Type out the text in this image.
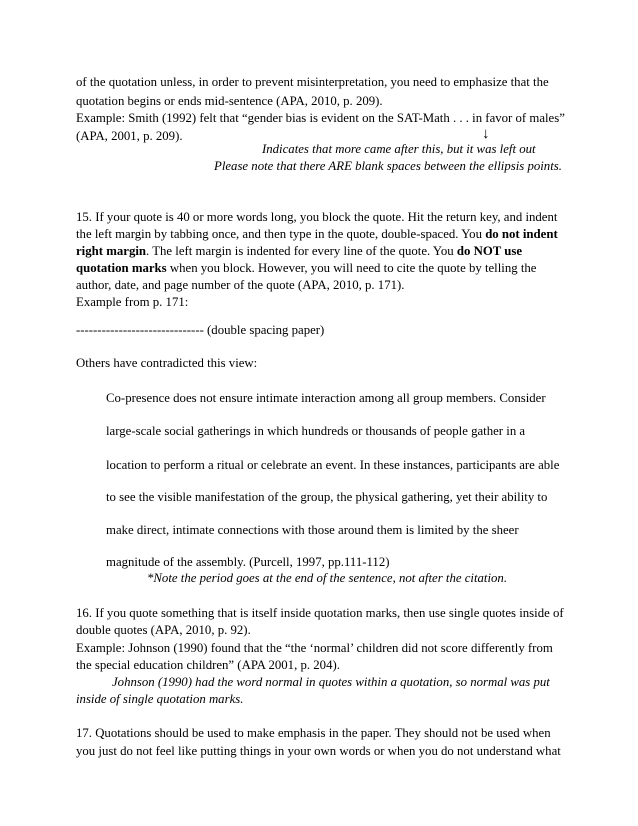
of the quotation unless, in order to prevent misinterpretation, you need to emphasize that the
quotation begins or ends mid-sentence (APA, 2010, p. 209).
Example: Smith (1992) felt that “gender bias is evident on the SAT-Math . . . in favor of males”
(APA, 2001, p. 209).	↓
Indicates that more came after this, but it was left out
Please note that there ARE blank spaces between the ellipsis points.
15. If your quote is 40 or more words long, you block the quote. Hit the return key, and indent
the left margin by tabbing once, and then type in the quote, double-spaced. You do not indent
right margin. The left margin is indented for every line of the quote. You do NOT use
quotation marks when you block. However, you will need to cite the quote by telling the
author, date, and page number of the quote (APA, 2010, p. 171).
Example from p. 171:
------------------------------ (double spacing paper)
Others have contradicted this view:
Co-presence does not ensure intimate interaction among all group members. Consider
large-scale social gatherings in which hundreds or thousands of people gather in a
location to perform a ritual or celebrate an event. In these instances, participants are able
to see the visible manifestation of the group, the physical gathering, yet their ability to
make direct, intimate connections with those around them is limited by the sheer
magnitude of the assembly. (Purcell, 1997, pp.111-112)
*Note the period goes at the end of the sentence, not after the citation.
16. If you quote something that is itself inside quotation marks, then use single quotes inside of
double quotes (APA, 2010, p. 92).
Example: Johnson (1990) found that the “the ‘normal’ children did not score differently from
the special education children” (APA 2001, p. 204).
Johnson (1990) had the word normal in quotes within a quotation, so normal was put
inside of single quotation marks.
17. Quotations should be used to make emphasis in the paper. They should not be used when
you just do not feel like putting things in your own words or when you do not understand what
